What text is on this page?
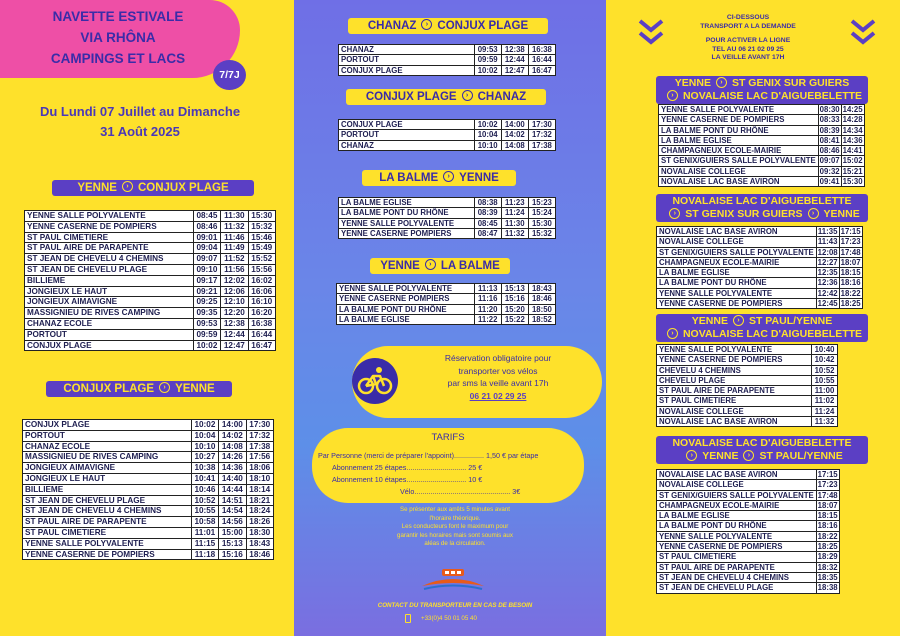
NAVETTE ESTIVALE
VIA RHÔNA
CAMPINGS ET LACS
7/7J
Du Lundi 07 Juillet au Dimanche
31 Août 2025
YENNE › CONJUX PLAGE
YENNE SALLE POLYVALENTE	08:45	11:30	15:30
YENNE CASERNE DE POMPIERS	08:46	11:32	15:32
ST PAUL CIMETIERE	09:01	11:46	15:46
ST PAUL AIRE DE PARAPENTE	09:04	11:49	15:49
ST JEAN DE CHEVELU 4 CHEMINS	09:07	11:52	15:52
ST JEAN DE CHEVELU PLAGE	09:10	11:56	15:56
BILLIEME	09:17	12:02	16:02
JONGIEUX LE HAUT	09:21	12:06	16:06
JONGIEUX AIMAVIGNE	09:25	12:10	16:10
MASSIGNIEU DE RIVES CAMPING	09:35	12:20	16:20
CHANAZ ECOLE	09:53	12:38	16:38
PORTOUT	09:59	12:44	16:44
CONJUX PLAGE	10:02	12:47	16:47
CONJUX PLAGE › YENNE
CONJUX PLAGE	10:02	14:00	17:30
PORTOUT	10:04	14:02	17:32
CHANAZ ECOLE	10:10	14:08	17:38
MASSIGNIEU DE RIVES CAMPING	10:27	14:26	17:56
JONGIEUX AIMAVIGNE	10:38	14:36	18:06
JONGIEUX LE HAUT	10:41	14:40	18:10
BILLIEME	10:46	14:44	18:14
ST JEAN DE CHEVELU PLAGE	10:52	14:51	18:21
ST JEAN DE CHEVELU 4 CHEMINS	10:55	14:54	18:24
ST PAUL AIRE DE PARAPENTE	10:58	14:56	18:26
ST PAUL CIMETIERE	11:01	15:00	18:30
YENNE SALLE POLYVALENTE	11:15	15:13	18:43
YENNE CASERNE DE POMPIERS	11:18	15:16	18:46
CHANAZ › CONJUX PLAGE
CHANAZ	09:53	12:38	16:38
PORTOUT	09:59	12:44	16:44
CONJUX PLAGE	10:02	12:47	16:47
CONJUX PLAGE › CHANAZ
CONJUX PLAGE	10:02	14:00	17:30
PORTOUT	10:04	14:02	17:32
CHANAZ	10:10	14:08	17:38
LA BALME › YENNE
LA BALME EGLISE	08:38	11:23	15:23
LA BALME PONT DU RHÔNE	08:39	11:24	15:24
YENNE SALLE POLYVALENTE	08:45	11:30	15:30
YENNE CASERNE POMPIERS	08:47	11:32	15:32
YENNE › LA BALME
YENNE SALLE POLYVALENTE	11:13	15:13	18:43
YENNE CASERNE POMPIERS	11:16	15:16	18:46
LA BALME PONT DU RHÔNE	11:20	15:20	18:50
LA BALME EGLISE	11:22	15:22	18:52
Réservation obligatoire pour
transporter vos vélos
par sms la veille avant 17h
06 21 02 29 25
TARIFS
Par Personne (merci de préparer l'appoint)............... 1,50 € par étape
Abonnement 25 étapes.............................. 25 €
Abonnement 10 étapes.............................. 10 €
Vélo................................................ 3€
Se présenter aux arrêts 5 minutes avant
l'horaire théorique.
Les conducteurs font le maximum pour
garantir les horaires mais sont soumis aux
aléas de la circulation.
CONTACT DU TRANSPORTEUR EN CAS DE BESOIN
+33(0)4 50 01 05 40
CI-DESSOUS
TRANSPORT A LA DEMANDE
POUR ACTIVER LA LIGNE
TEL AU 06 21 02 09 25
LA VEILLE AVANT 17H
YENNE › ST GENIX SUR GUIERS
› NOVALAISE LAC D'AIGUEBELETTE
YENNE SALLE POLYVALENTE	08:30	14:25
YENNE CASERNE DE POMPIERS	08:33	14:28
LA BALME PONT DU RHÔNE	08:39	14:34
LA BALME EGLISE	08:41	14:36
CHAMPAGNEUX ECOLE-MAIRIE	08:46	14:41
ST GENIX/GUIERS SALLE POLYVALENTE	09:07	15:02
NOVALAISE COLLEGE	09:32	15:21
NOVALAISE LAC BASE AVIRON	09:41	15:30
NOVALAISE LAC D'AIGUEBELETTE
› ST GENIX SUR GUIERS › YENNE
NOVALAISE LAC BASE AVIRON	11:35	17:15
NOVALAISE COLLEGE	11:43	17:23
ST GENIX/GUIERS SALLE POLYVALENTE	12:08	17:48
CHAMPAGNEUX ECOLE-MAIRIE	12:27	18:07
LA BALME EGLISE	12:35	18:15
LA BALME PONT DU RHÔNE	12:36	18:16
YENNE SALLE POLYVALENTE	12:42	18:22
YENNE CASERNE DE POMPIERS	12:45	18:25
YENNE › ST PAUL/YENNE
› NOVALAISE LAC D'AIGUEBELETTE
YENNE SALLE POLYVALENTE	10:40
YENNE CASERNE DE POMPIERS	10:42
CHEVELU 4 CHEMINS	10:52
CHEVELU PLAGE	10:55
ST PAUL AIRE DE PARAPENTE	11:00
ST PAUL CIMETIERE	11:02
NOVALAISE COLLEGE	11:24
NOVALAISE LAC BASE AVIRON	11:32
NOVALAISE LAC D'AIGUEBELETTE
› YENNE › ST PAUL/YENNE
NOVALAISE LAC BASE AVIRON	17:15
NOVALAISE COLLEGE	17:23
ST GENIX/GUIERS SALLE POLYVALENTE	17:48
CHAMPAGNEUX ECOLE-MAIRIE	18:07
LA BALME EGLISE	18:15
LA BALME PONT DU RHÔNE	18:16
YENNE SALLE POLYVALENTE	18:22
YENNE CASERNE DE POMPIERS	18:25
ST PAUL CIMETIERE	18:29
ST PAUL AIRE DE PARAPENTE	18:32
ST JEAN DE CHEVELU 4 CHEMINS	18:35
ST JEAN DE CHEVELU PLAGE	18:38
